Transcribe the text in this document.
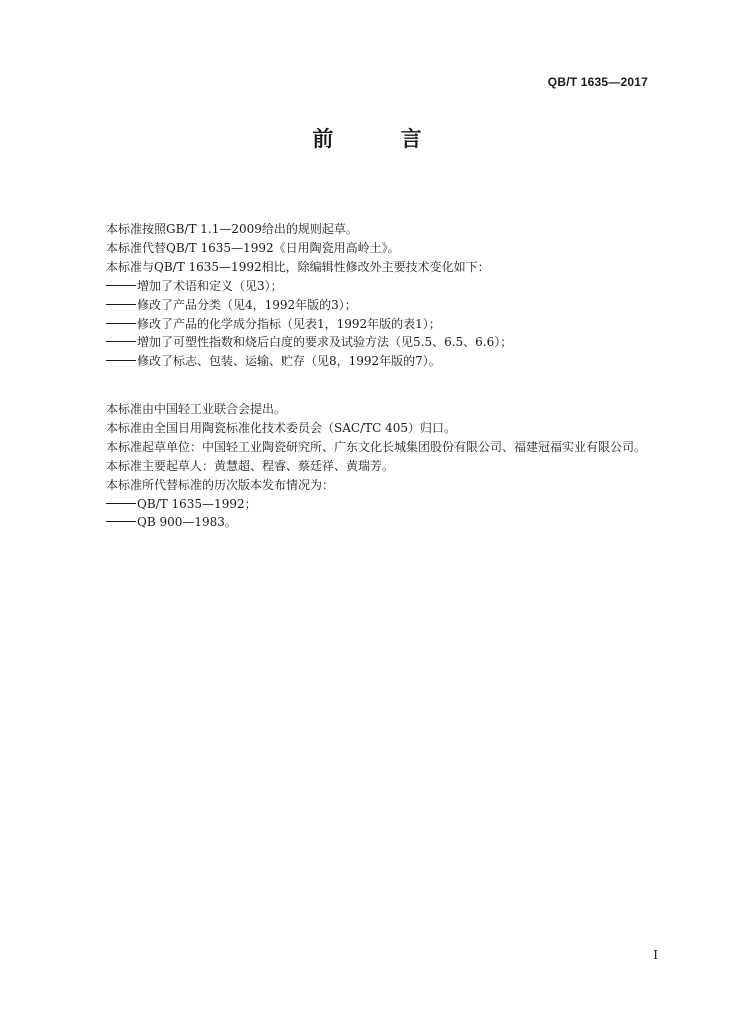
QB/T 1635—2017
前 言

本标准按照GB/T 1.1—2009给出的规则起草。

本标准代替QB/T 1635—1992《日用陶瓷用高岭土》。

本标准与QB/T 1635—1992相比，除编辑性修改外主要技术变化如下：

增加了术语和定义（见3）；

修改了产品分类（见4，1992年版的3）；

修改了产品的化学成分指标（见表1，1992年版的表1）；

增加了可塑性指数和烧后白度的要求及试验方法（见5.5、6.5、6.6）；

修改了标志、包装、运输、贮存（见8，1992年版的7）。

本标准由中国轻工业联合会提出。

本标准由全国日用陶瓷标准化技术委员会（SAC/TC 405）归口。

本标准起草单位：中国轻工业陶瓷研究所、广东文化长城集团股份有限公司、福建冠福实业有限公司。

本标准主要起草人：黄慧超、程睿、蔡廷祥、黄瑞芳。

本标准所代替标准的历次版本发布情况为：

QB/T 1635—1992；

QB 900—1983。

I
